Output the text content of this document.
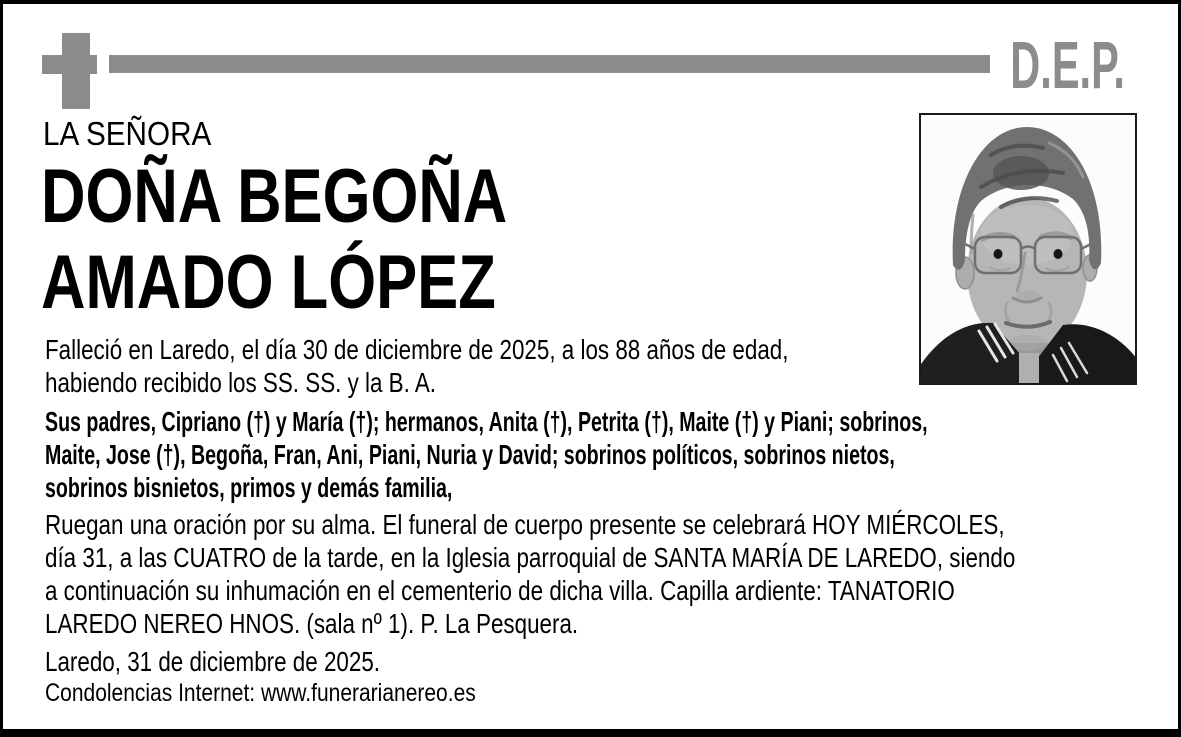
D.E.P.
LA SEÑORA
DOÑA BEGOÑA
AMADO LÓPEZ
Falleció en Laredo, el día 30 de diciembre de 2025, a los 88 años de edad,
habiendo recibido los SS. SS. y la B. A.
Sus padres, Cipriano (†) y María (†); hermanos, Anita (†), Petrita (†), Maite (†) y Piani; sobrinos,
Maite, Jose (†), Begoña, Fran, Ani, Piani, Nuria y David; sobrinos políticos, sobrinos nietos,
sobrinos bisnietos, primos y demás familia,
Ruegan una oración por su alma. El funeral de cuerpo presente se celebrará HOY MIÉRCOLES,
día 31, a las CUATRO de la tarde, en la Iglesia parroquial de SANTA MARÍA DE LAREDO, siendo
a continuación su inhumación en el cementerio de dicha villa. Capilla ardiente: TANATORIO
LAREDO NEREO HNOS. (sala nº 1). P. La Pesquera.
Laredo, 31 de diciembre de 2025.
Condolencias Internet: www.funerarianereo.es
